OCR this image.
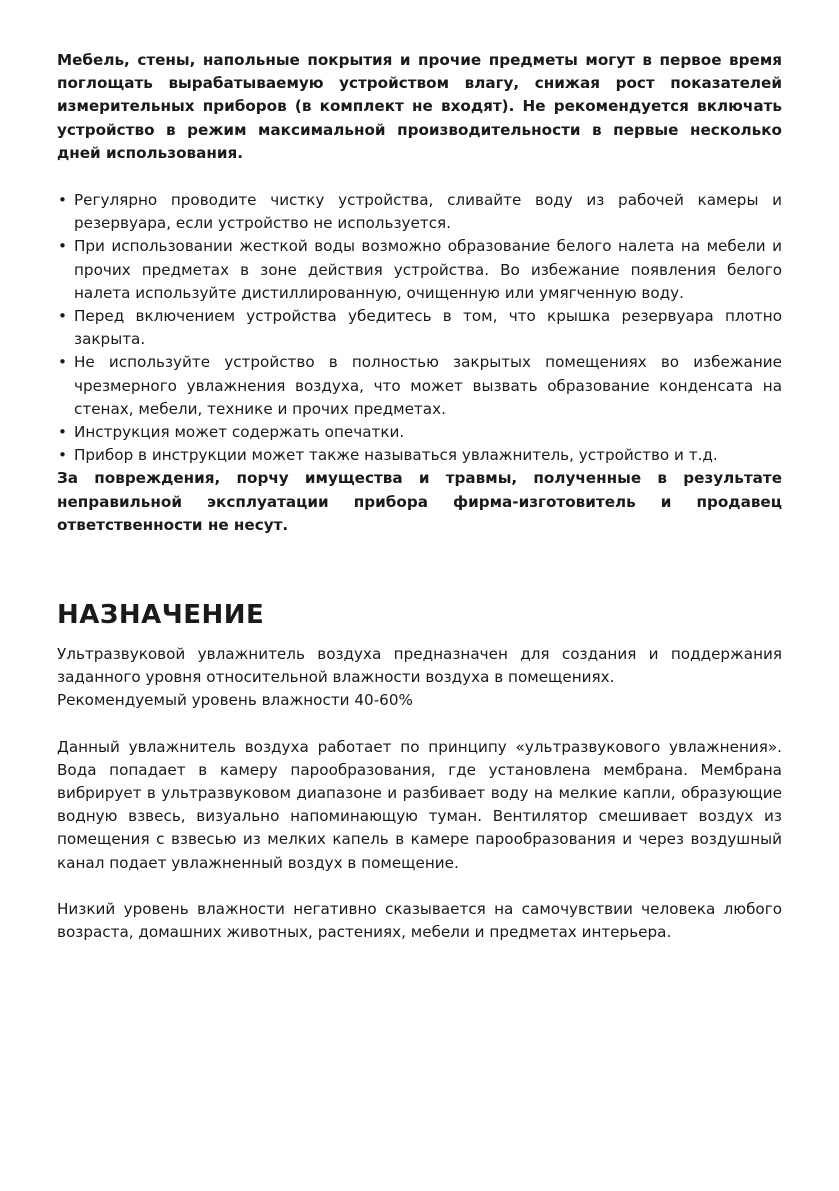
Мебель, стены, напольные покрытия и прочие предметы могут в первое время поглощать вырабатываемую устройством влагу, снижая рост показателей измерительных приборов (в комплект не входят). Не рекомендуется включать устройство в режим максимальной производительности в первые несколько дней использования.

• Регулярно проводите чистку устройства, сливайте воду из рабочей камеры и резервуара, если устройство не используется.
• При использовании жесткой воды возможно образование белого налета на мебели и прочих предметах в зоне действия устройства. Во избежание появления белого налета используйте дистиллированную, очищенную или умягченную воду.
• Перед включением устройства убедитесь в том, что крышка резервуара плотно закрыта.
• Не используйте устройство в полностью закрытых помещениях во избежание чрезмерного увлажнения воздуха, что может вызвать образование конденсата на стенах, мебели, технике и прочих предметах.
• Инструкция может содержать опечатки.
• Прибор в инструкции может также называться увлажнитель, устройство и т.д.

За повреждения, порчу имущества и травмы, полученные в результате неправильной эксплуатации прибора фирма-изготовитель и продавец ответственности не несут.

НАЗНАЧЕНИЕ

Ультразвуковой увлажнитель воздуха предназначен для создания и поддержания заданного уровня относительной влажности воздуха в помещениях.
Рекомендуемый уровень влажности 40-60%

Данный увлажнитель воздуха работает по принципу «ультразвукового увлажнения». Вода попадает в камеру парообразования, где установлена мембрана. Мембрана вибрирует в ультразвуковом диапазоне и разбивает воду на мелкие капли, образующие водную взвесь, визуально напоминающую туман. Вентилятор смешивает воздух из помещения с взвесью из мелких капель в камере парообразования и через воздушный канал подает увлажненный воздух в помещение.

Низкий уровень влажности негативно сказывается на самочувствии человека любого возраста, домашних животных, растениях, мебели и предметах интерьера.
